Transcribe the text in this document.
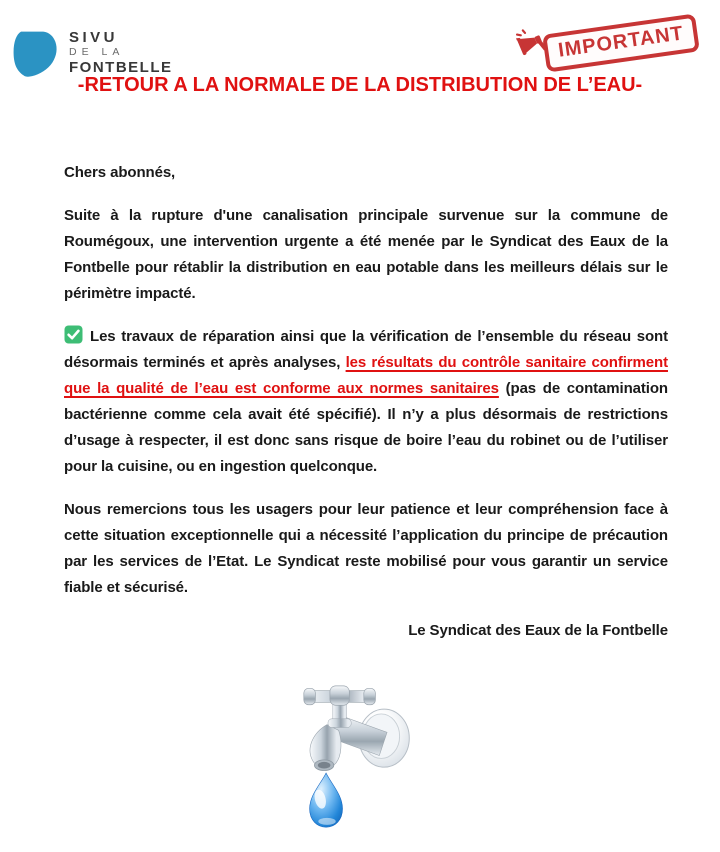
SIVU
DE LA
FONTBELLE
IMPORTANT
-RETOUR A LA NORMALE DE LA DISTRIBUTION DE L’EAU-

Chers abonnés,

Suite à la rupture d'une canalisation principale survenue sur la commune de Roumégoux, une intervention urgente a été menée par le Syndicat des Eaux de la Fontbelle pour rétablir la distribution en eau potable dans les meilleurs délais sur le périmètre impacté.

Les travaux de réparation ainsi que la vérification de l’ensemble du réseau sont désormais terminés et après analyses, les résultats du contrôle sanitaire confirment que la qualité de l’eau est conforme aux normes sanitaires (pas de contamination bactérienne comme cela avait été spécifié). Il n’y a plus désormais de restrictions d’usage à respecter, il est donc sans risque de boire l’eau du robinet ou de l’utiliser pour la cuisine, ou en ingestion quelconque.

Nous remercions tous les usagers pour leur patience et leur compréhension face à cette situation exceptionnelle qui a nécessité l’application du principe de précaution par les services de l’Etat. Le Syndicat reste mobilisé pour vous garantir un service fiable et sécurisé.

Le Syndicat des Eaux de la Fontbelle
